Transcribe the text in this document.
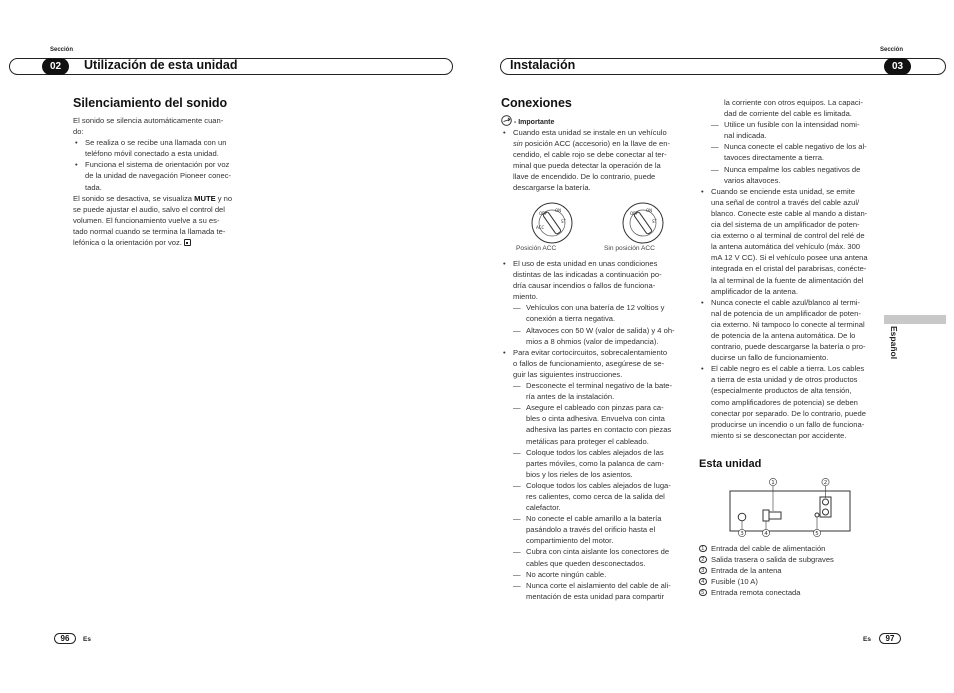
Sección
02	Utilización de esta unidad
Silenciamiento del sonido

El sonido se silencia automáticamente cuan-

do:

• Se realiza o se recibe una llamada con un

teléfono móvil conectado a esta unidad.

• Funciona el sistema de orientación por voz

de la unidad de navegación Pioneer conec-

tada.

El sonido se desactiva, se visualiza MUTE y no

se puede ajustar el audio, salvo el control del

volumen. El funcionamiento vuelve a su es-

tado normal cuando se termina la llamada te-

lefónica o la orientación por voz.

96	Es
Sección
03
Instalación
Conexiones
- Importante

• Cuando esta unidad se instale en un vehículo

sin posición ACC (accesorio) en la llave de en-

cendido, el cable rojo se debe conectar al ter-

minal que pueda detectar la operación de la

llave de encendido. De lo contrario, puede

descargarse la batería.

OFF
ON
ST
ACC
OFF
ON
ST
Posición ACC	Sin posición ACC

• El uso de esta unidad en unas condiciones

distintas de las indicadas a continuación po-

dría causar incendios o fallos de funciona-

miento.

— Vehículos con una batería de 12 voltios y

conexión a tierra negativa.

— Altavoces con 50 W (valor de salida) y 4 oh-

mios a 8 ohmios (valor de impedancia).

• Para evitar cortocircuitos, sobrecalentamiento

o fallos de funcionamiento, asegúrese de se-

guir las siguientes instrucciones.

— Desconecte el terminal negativo de la bate-

ría antes de la instalación.

— Asegure el cableado con pinzas para ca-

bles o cinta adhesiva. Envuelva con cinta

adhesiva las partes en contacto con piezas

metálicas para proteger el cableado.

— Coloque todos los cables alejados de las

partes móviles, como la palanca de cam-

bios y los rieles de los asientos.

— Coloque todos los cables alejados de luga-

res calientes, como cerca de la salida del

calefactor.

— No conecte el cable amarillo a la batería

pasándolo a través del orificio hasta el

compartimiento del motor.

— Cubra con cinta aislante los conectores de

cables que queden desconectados.

— No acorte ningún cable.

— Nunca corte el aislamiento del cable de ali-

mentación de esta unidad para compartir

la corriente con otros equipos. La capaci-

dad de corriente del cable es limitada.

— Utilice un fusible con la intensidad nomi-

nal indicada.

— Nunca conecte el cable negativo de los al-

tavoces directamente a tierra.

— Nunca empalme los cables negativos de

varios altavoces.

• Cuando se enciende esta unidad, se emite

una señal de control a través del cable azul/

blanco. Conecte este cable al mando a distan-

cia del sistema de un amplificador de poten-

cia externo o al terminal de control del relé de

la antena automática del vehículo (máx. 300

mA 12 V CC). Si el vehículo posee una antena

integrada en el cristal del parabrisas, conécte-

la al terminal de la fuente de alimentación del

amplificador de la antena.

• Nunca conecte el cable azul/blanco al termi-

nal de potencia de un amplificador de poten-

cia externo. Ni tampoco lo conecte al terminal

de potencia de la antena automática. De lo

contrario, puede descargarse la batería o pro-

ducirse un fallo de funcionamiento.

• El cable negro es el cable a tierra. Los cables

a tierra de esta unidad y de otros productos

(especialmente productos de alta tensión,

como amplificadores de potencia) se deben

conectar por separado. De lo contrario, puede

producirse un incendio o un fallo de funciona-

miento si se desconectan por accidente.

Esta unidad
1	2
3	4	5

1 Entrada del cable de alimentación

2 Salida trasera o salida de subgraves

3 Entrada de la antena

4 Fusible (10 A)

5 Entrada remota conectada

Español
Es	97
